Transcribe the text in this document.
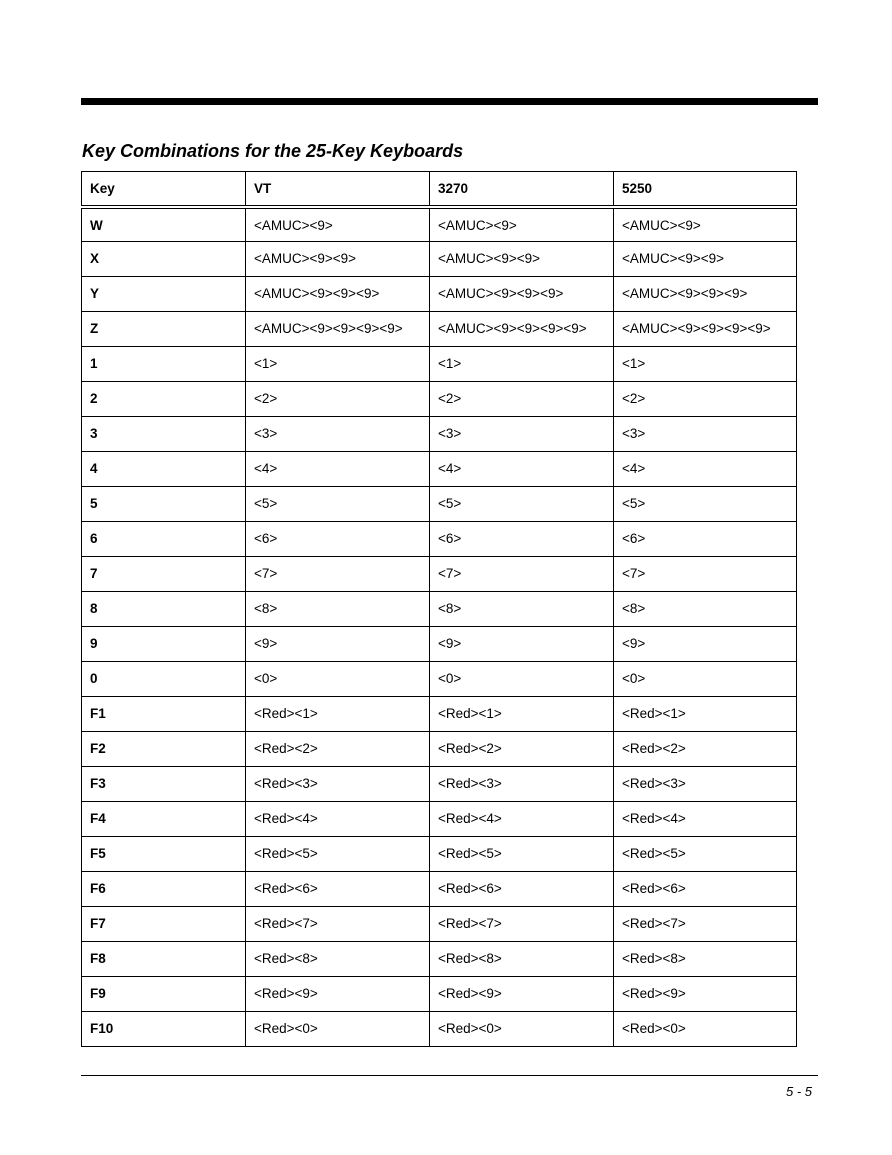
Key Combinations for the 25-Key Keyboards
Key	VT	3270	5250
W	<AMUC><9>	<AMUC><9>	<AMUC><9>
X	<AMUC><9><9>	<AMUC><9><9>	<AMUC><9><9>
Y	<AMUC><9><9><9>	<AMUC><9><9><9>	<AMUC><9><9><9>
Z	<AMUC><9><9><9><9>	<AMUC><9><9><9><9>	<AMUC><9><9><9><9>
1	<1>	<1>	<1>
2	<2>	<2>	<2>
3	<3>	<3>	<3>
4	<4>	<4>	<4>
5	<5>	<5>	<5>
6	<6>	<6>	<6>
7	<7>	<7>	<7>
8	<8>	<8>	<8>
9	<9>	<9>	<9>
0	<0>	<0>	<0>
F1	<Red><1>	<Red><1>	<Red><1>
F2	<Red><2>	<Red><2>	<Red><2>
F3	<Red><3>	<Red><3>	<Red><3>
F4	<Red><4>	<Red><4>	<Red><4>
F5	<Red><5>	<Red><5>	<Red><5>
F6	<Red><6>	<Red><6>	<Red><6>
F7	<Red><7>	<Red><7>	<Red><7>
F8	<Red><8>	<Red><8>	<Red><8>
F9	<Red><9>	<Red><9>	<Red><9>
F10	<Red><0>	<Red><0>	<Red><0>
5 - 5
